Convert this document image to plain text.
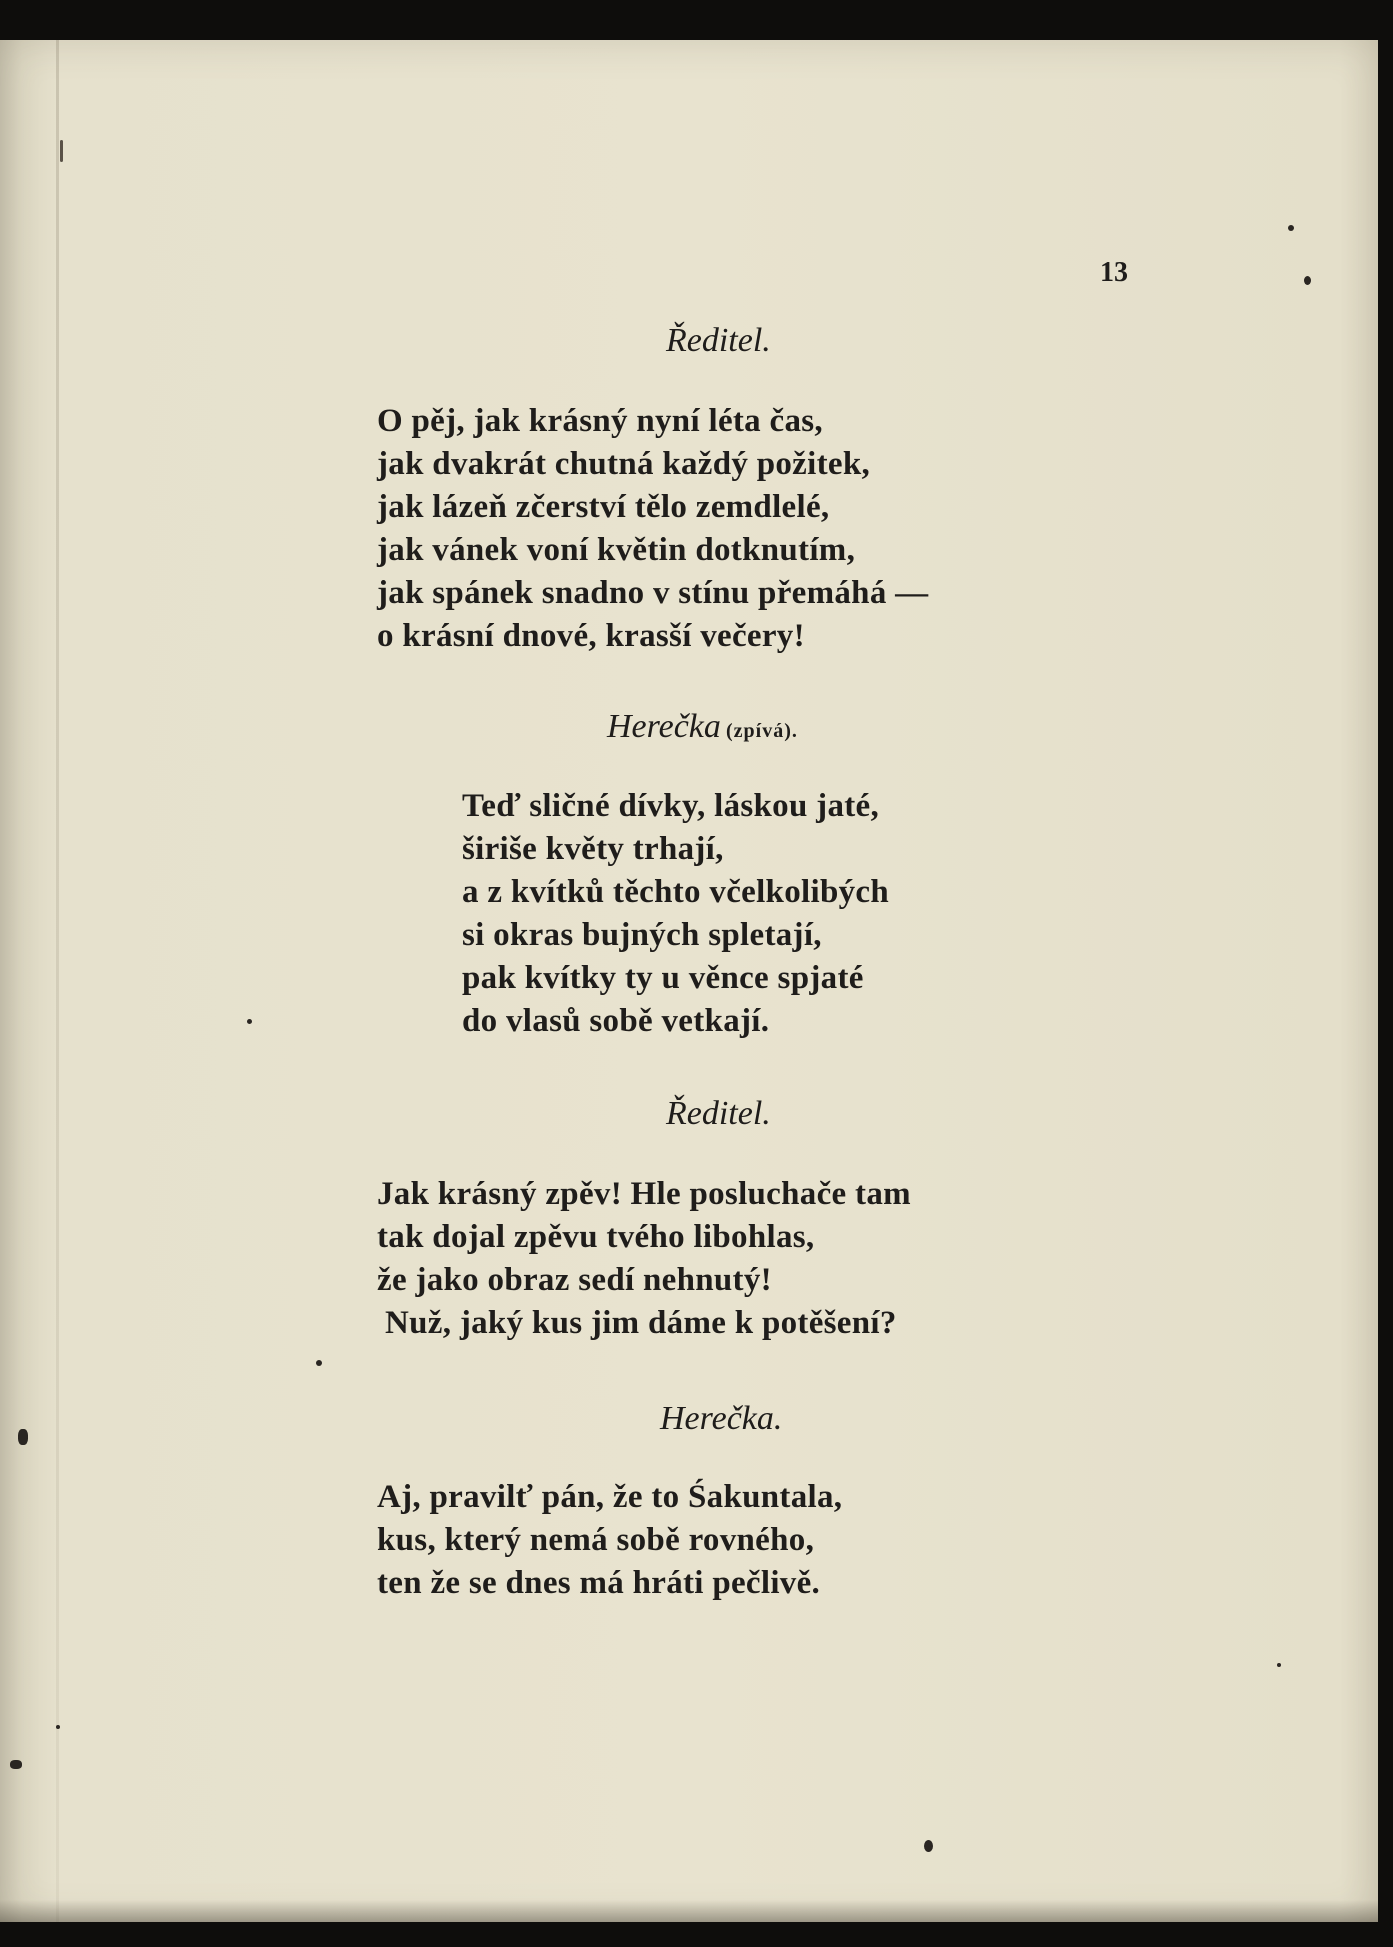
13
Ředitel.
O pěj, jak krásný nyní léta čas,
jak dvakrát chutná každý požitek,
jak lázeň zčerství tělo zemdlelé,
jak vánek voní květin dotknutím,
jak spánek snadno v stínu přemáhá —
o krásní dnové, krasší večery!
Herečka (zpívá).
Teď sličné dívky, láskou jaté,
širiše květy trhají,
a z kvítků těchto včelkolibých
si okras bujných spletají,
pak kvítky ty u věnce spjaté
do vlasů sobě vetkají.
Ředitel.
Jak krásný zpěv! Hle posluchače tam
tak dojal zpěvu tvého libohlas,
že jako obraz sedí nehnutý!
Nuž, jaký kus jim dáme k potěšení?
Herečka.
Aj, pravilť pán, že to Śakuntala,
kus, který nemá sobě rovného,
ten že se dnes má hráti pečlivě.
